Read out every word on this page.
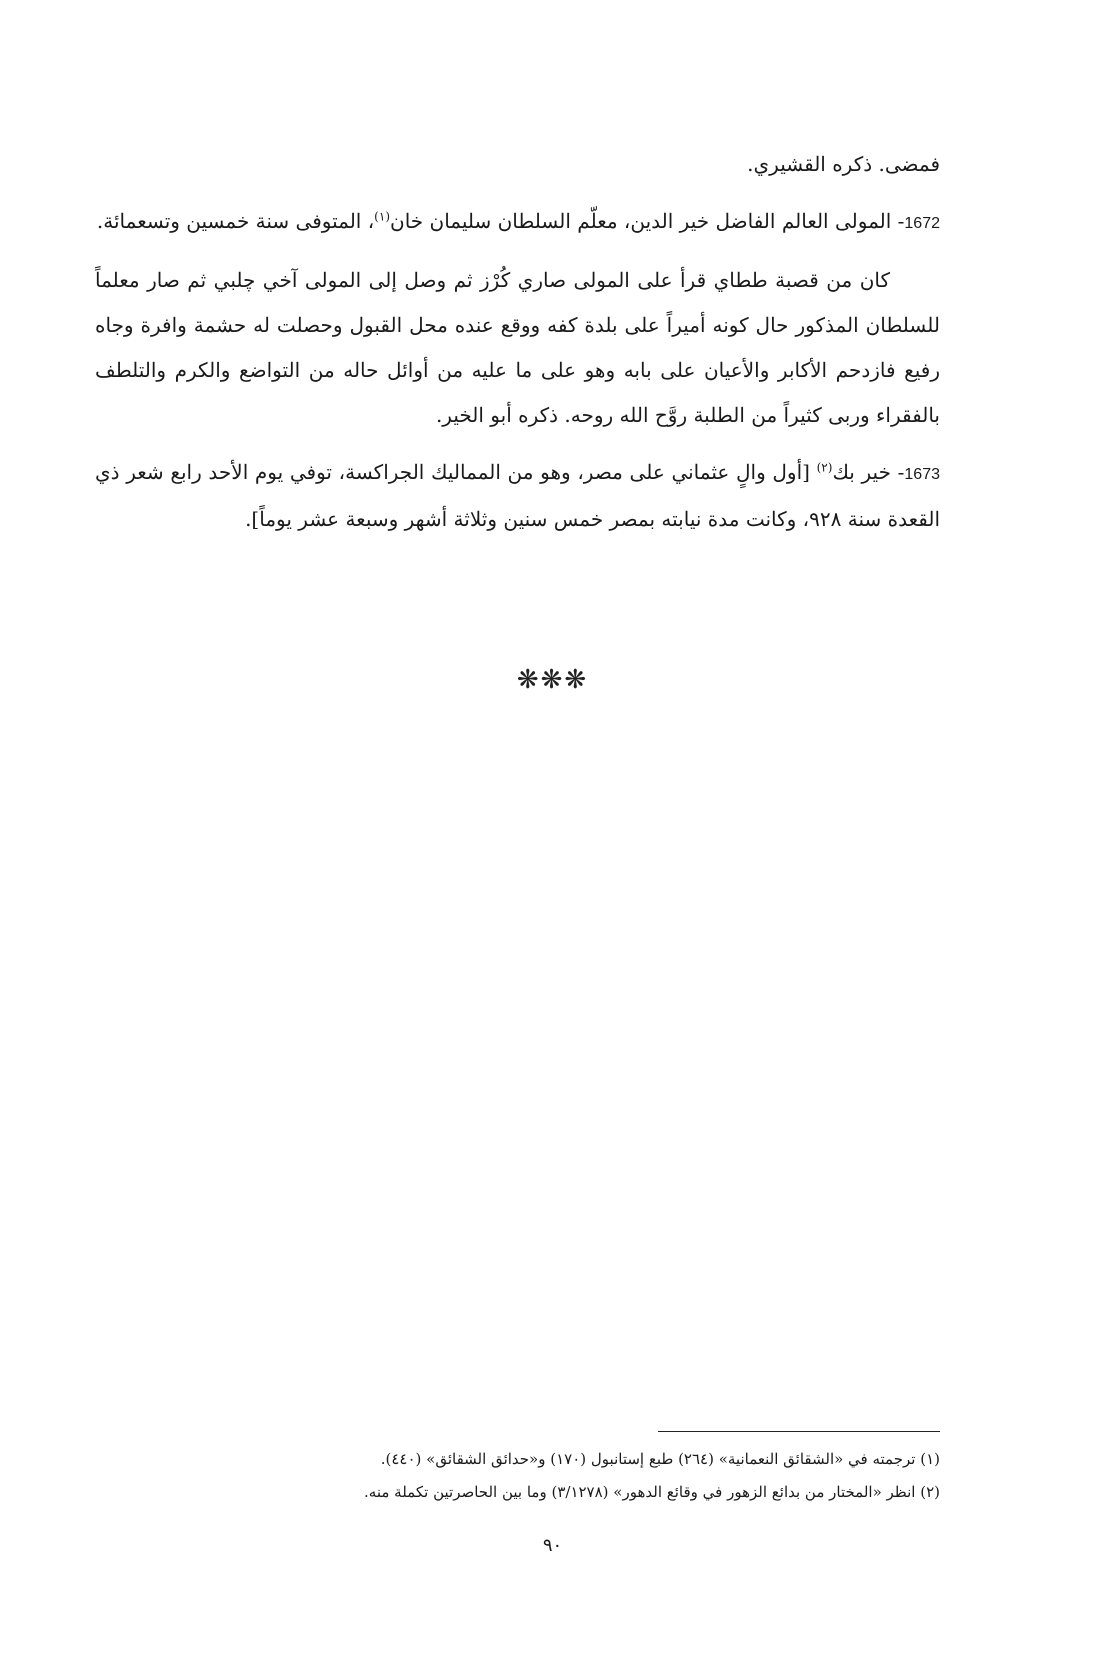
فمضى. ذكره القشيري.

1672- المولى العالم الفاضل خير الدين، معلّم السلطان سليمان خان$^{(١)}$، المتوفى سنة خمسين وتسعمائة.

كان من قصبة ططاي قرأ على المولى صاري كُرْز ثم وصل إلى المولى آخي چلبي ثم صار معلماً للسلطان المذكور حال كونه أميراً على بلدة كفه ووقع عنده محل القبول وحصلت له حشمة وافرة وجاه رفيع فازدحم الأكابر والأعيان على بابه وهو على ما عليه من أوائل حاله من التواضع والكرم والتلطف بالفقراء وربى كثيراً من الطلبة روَّح الله روحه. ذكره أبو الخير.

1673- خير بك$^{(٢)}$ [أول والٍ عثماني على مصر، وهو من المماليك الجراكسة، توفي يوم الأحد رابع شعر ذي القعدة سنة ٩٢٨، وكانت مدة نيابته بمصر خمس سنين وثلاثة أشهر وسبعة عشر يوماً].
❋❋❋

(١) ترجمته في «الشقائق النعمانية» (٢٦٤) طبع إستانبول (١٧٠) و«حدائق الشقائق» (٤٤٠).

(٢) انظر «المختار من بدائع الزهور في وقائع الدهور» (٣/١٢٧٨) وما بين الحاصرتين تكملة منه.

٩٠
